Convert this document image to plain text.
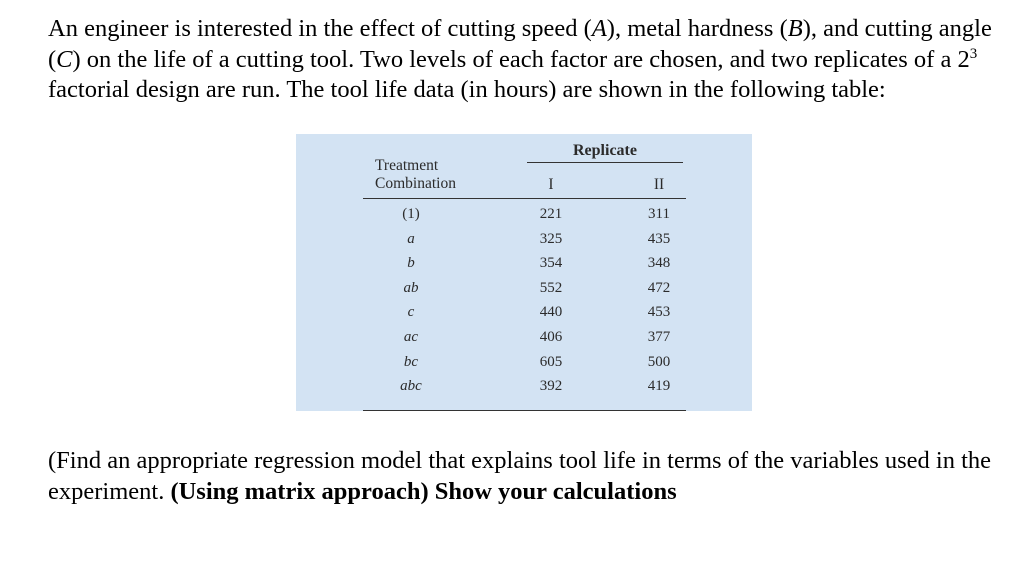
An engineer is interested in the effect of cutting speed (A), metal hardness (B), and cutting angle (C) on the life of a cutting tool. Two levels of each factor are chosen, and two replicates of a $2^3$ factorial design are run. The tool life data (in hours) are shown in the following table:

Replicate
Treatment
Combination	I	II
(1)	221	311
a	325	435
b	354	348
ab	552	472
c	440	453
ac	406	377
bc	605	500
abc	392	419

(Find an appropriate regression model that explains tool life in terms of the variables used in the experiment. (Using matrix approach) Show your calculations
